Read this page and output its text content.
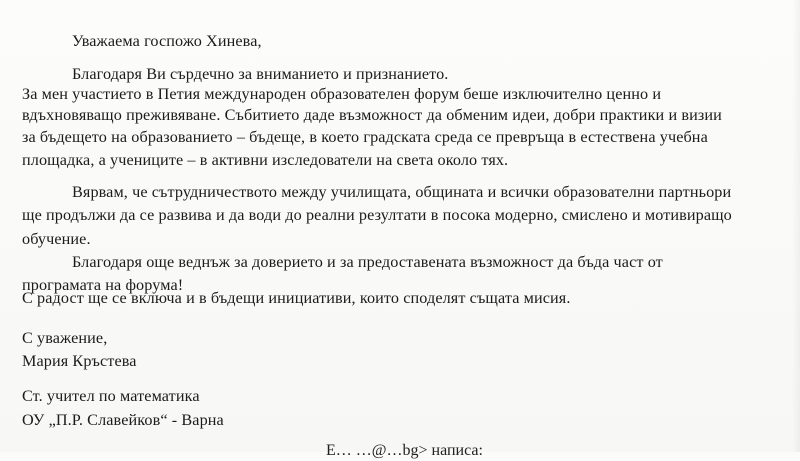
Уважаема госпожо Хинева,
Благодаря Ви сърдечно за вниманието и признанието.
За мен участието в Петия международен образователен форум беше изключително ценно и
вдъхновяващо преживяване. Събитието даде възможност да обменим идеи, добри практики и визии
за бъдещето на образованието – бъдеще, в което градската среда се превръща в естествена учебна
площадка, а учениците – в активни изследователи на света около тях.
Вярвам, че сътрудничеството между училищата, общината и всички образователни партньори
ще продължи да се развива и да води до реални резултати в посока модерно, смислено и мотивиращо
обучение.
Благодаря още веднъж за доверието и за предоставената възможност да бъда част от
програмата на форума!
С радост ще се включа и в бъдещи инициативи, които споделят същата мисия.
С уважение,
Мария Кръстева
Ст. учител по математика
ОУ „П.Р. Славейков“ - Варна
Е… …@…bg> написа:
